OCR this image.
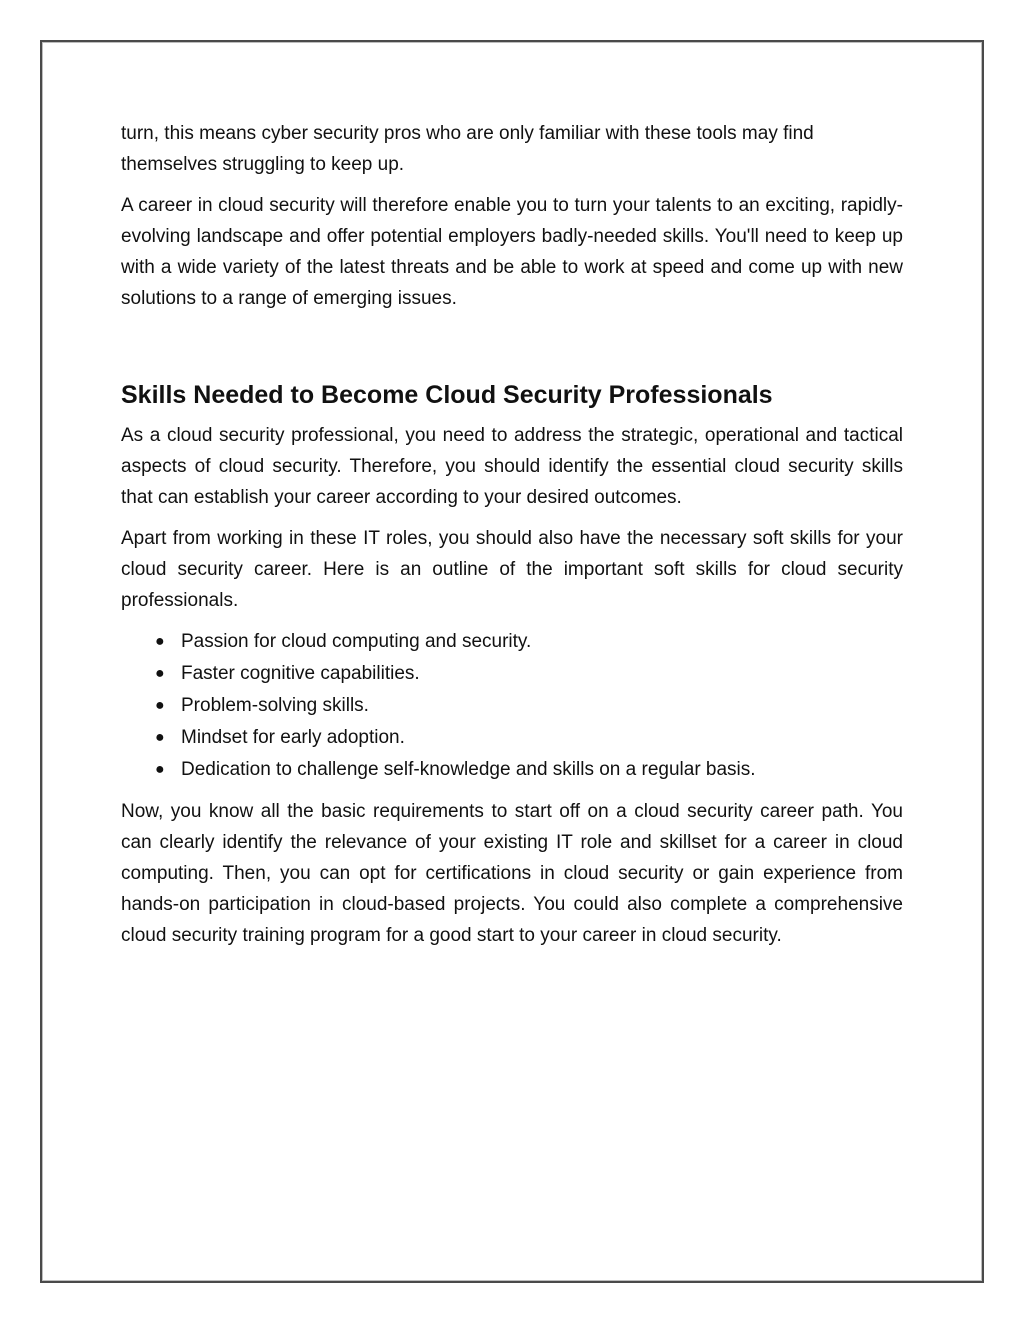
turn, this means cyber security pros who are only familiar with these tools may find themselves struggling to keep up.

A career in cloud security will therefore enable you to turn your talents to an exciting, rapidly-evolving landscape and offer potential employers badly-needed skills. You'll need to keep up with a wide variety of the latest threats and be able to work at speed and come up with new solutions to a range of emerging issues.

Skills Needed to Become Cloud Security Professionals

As a cloud security professional, you need to address the strategic, operational and tactical aspects of cloud security. Therefore, you should identify the essential cloud security skills that can establish your career according to your desired outcomes.

Apart from working in these IT roles, you should also have the necessary soft skills for your cloud security career. Here is an outline of the important soft skills for cloud security professionals.

● Passion for cloud computing and security.
● Faster cognitive capabilities.
● Problem-solving skills.
● Mindset for early adoption.
● Dedication to challenge self-knowledge and skills on a regular basis.

Now, you know all the basic requirements to start off on a cloud security career path. You can clearly identify the relevance of your existing IT role and skillset for a career in cloud computing. Then, you can opt for certifications in cloud security or gain experience from hands-on participation in cloud-based projects. You could also complete a comprehensive cloud security training program for a good start to your career in cloud security.
